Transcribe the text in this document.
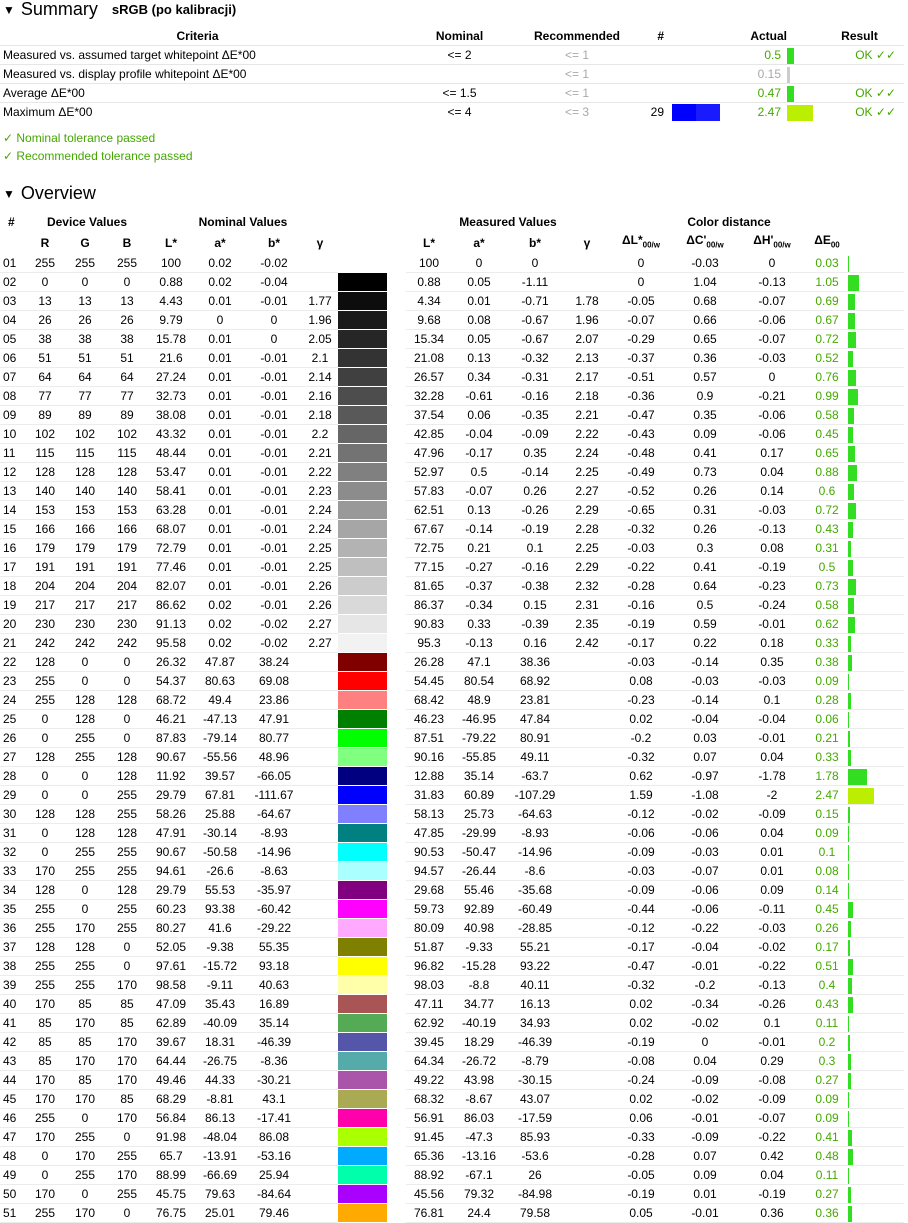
▼ Summary sRGB (po kalibracji)
Criteria	Nominal	Recommended	#		Actual		Result
Measured vs. assumed target whitepoint ΔE*00	<= 2	<= 1			0.5		OK ✓✓
Measured vs. display profile whitepoint ΔE*00		<= 1			0.15		
Average ΔE*00	<= 1.5	<= 1			0.47		OK ✓✓
Maximum ΔE*00	<= 4	<= 3	29		2.47		OK ✓✓
✓ Nominal tolerance passed
✓ Recommended tolerance passed
▼ Overview
#	Device Values			Nominal Values					Measured Values				Color distance				
	R	G	B	L*	a*	b*	γ		L*	a*	b*	γ	$\Delta L*_{00/w}$	$\Delta C'_{00/w}$	$\Delta H'_{00/w}$	$\Delta E_{00}$	
01	255	255	255	100	0.02	-0.02			100	0	0		0	-0.03	0	0.03	
02	0	0	0	0.88	0.02	-0.04			0.88	0.05	-1.11		0	1.04	-0.13	1.05	
03	13	13	13	4.43	0.01	-0.01	1.77		4.34	0.01	-0.71	1.78	-0.05	0.68	-0.07	0.69	
04	26	26	26	9.79	0	0	1.96		9.68	0.08	-0.67	1.96	-0.07	0.66	-0.06	0.67	
05	38	38	38	15.78	0.01	0	2.05		15.34	0.05	-0.67	2.07	-0.29	0.65	-0.07	0.72	
06	51	51	51	21.6	0.01	-0.01	2.1		21.08	0.13	-0.32	2.13	-0.37	0.36	-0.03	0.52	
07	64	64	64	27.24	0.01	-0.01	2.14		26.57	0.34	-0.31	2.17	-0.51	0.57	0	0.76	
08	77	77	77	32.73	0.01	-0.01	2.16		32.28	-0.61	-0.16	2.18	-0.36	0.9	-0.21	0.99	
09	89	89	89	38.08	0.01	-0.01	2.18		37.54	0.06	-0.35	2.21	-0.47	0.35	-0.06	0.58	
10	102	102	102	43.32	0.01	-0.01	2.2		42.85	-0.04	-0.09	2.22	-0.43	0.09	-0.06	0.45	
11	115	115	115	48.44	0.01	-0.01	2.21		47.96	-0.17	0.35	2.24	-0.48	0.41	0.17	0.65	
12	128	128	128	53.47	0.01	-0.01	2.22		52.97	0.5	-0.14	2.25	-0.49	0.73	0.04	0.88	
13	140	140	140	58.41	0.01	-0.01	2.23		57.83	-0.07	0.26	2.27	-0.52	0.26	0.14	0.6	
14	153	153	153	63.28	0.01	-0.01	2.24		62.51	0.13	-0.26	2.29	-0.65	0.31	-0.03	0.72	
15	166	166	166	68.07	0.01	-0.01	2.24		67.67	-0.14	-0.19	2.28	-0.32	0.26	-0.13	0.43	
16	179	179	179	72.79	0.01	-0.01	2.25		72.75	0.21	0.1	2.25	-0.03	0.3	0.08	0.31	
17	191	191	191	77.46	0.01	-0.01	2.25		77.15	-0.27	-0.16	2.29	-0.22	0.41	-0.19	0.5	
18	204	204	204	82.07	0.01	-0.01	2.26		81.65	-0.37	-0.38	2.32	-0.28	0.64	-0.23	0.73	
19	217	217	217	86.62	0.02	-0.01	2.26		86.37	-0.34	0.15	2.31	-0.16	0.5	-0.24	0.58	
20	230	230	230	91.13	0.02	-0.02	2.27		90.83	0.33	-0.39	2.35	-0.19	0.59	-0.01	0.62	
21	242	242	242	95.58	0.02	-0.02	2.27		95.3	-0.13	0.16	2.42	-0.17	0.22	0.18	0.33	
22	128	0	0	26.32	47.87	38.24			26.28	47.1	38.36		-0.03	-0.14	0.35	0.38	
23	255	0	0	54.37	80.63	69.08			54.45	80.54	68.92		0.08	-0.03	-0.03	0.09	
24	255	128	128	68.72	49.4	23.86			68.42	48.9	23.81		-0.23	-0.14	0.1	0.28	
25	0	128	0	46.21	-47.13	47.91			46.23	-46.95	47.84		0.02	-0.04	-0.04	0.06	
26	0	255	0	87.83	-79.14	80.77			87.51	-79.22	80.91		-0.2	0.03	-0.01	0.21	
27	128	255	128	90.67	-55.56	48.96			90.16	-55.85	49.11		-0.32	0.07	0.04	0.33	
28	0	0	128	11.92	39.57	-66.05			12.88	35.14	-63.7		0.62	-0.97	-1.78	1.78	
29	0	0	255	29.79	67.81	-111.67			31.83	60.89	-107.29		1.59	-1.08	-2	2.47	
30	128	128	255	58.26	25.88	-64.67			58.13	25.73	-64.63		-0.12	-0.02	-0.09	0.15	
31	0	128	128	47.91	-30.14	-8.93			47.85	-29.99	-8.93		-0.06	-0.06	0.04	0.09	
32	0	255	255	90.67	-50.58	-14.96			90.53	-50.47	-14.96		-0.09	-0.03	0.01	0.1	
33	170	255	255	94.61	-26.6	-8.63			94.57	-26.44	-8.6		-0.03	-0.07	0.01	0.08	
34	128	0	128	29.79	55.53	-35.97			29.68	55.46	-35.68		-0.09	-0.06	0.09	0.14	
35	255	0	255	60.23	93.38	-60.42			59.73	92.89	-60.49		-0.44	-0.06	-0.11	0.45	
36	255	170	255	80.27	41.6	-29.22			80.09	40.98	-28.85		-0.12	-0.22	-0.03	0.26	
37	128	128	0	52.05	-9.38	55.35			51.87	-9.33	55.21		-0.17	-0.04	-0.02	0.17	
38	255	255	0	97.61	-15.72	93.18			96.82	-15.28	93.22		-0.47	-0.01	-0.22	0.51	
39	255	255	170	98.58	-9.11	40.63			98.03	-8.8	40.11		-0.32	-0.2	-0.13	0.4	
40	170	85	85	47.09	35.43	16.89			47.11	34.77	16.13		0.02	-0.34	-0.26	0.43	
41	85	170	85	62.89	-40.09	35.14			62.92	-40.19	34.93		0.02	-0.02	0.1	0.11	
42	85	85	170	39.67	18.31	-46.39			39.45	18.29	-46.39		-0.19	0	-0.01	0.2	
43	85	170	170	64.44	-26.75	-8.36			64.34	-26.72	-8.79		-0.08	0.04	0.29	0.3	
44	170	85	170	49.46	44.33	-30.21			49.22	43.98	-30.15		-0.24	-0.09	-0.08	0.27	
45	170	170	85	68.29	-8.81	43.1			68.32	-8.67	43.07		0.02	-0.02	-0.09	0.09	
46	255	0	170	56.84	86.13	-17.41			56.91	86.03	-17.59		0.06	-0.01	-0.07	0.09	
47	170	255	0	91.98	-48.04	86.08			91.45	-47.3	85.93		-0.33	-0.09	-0.22	0.41	
48	0	170	255	65.7	-13.91	-53.16			65.36	-13.16	-53.6		-0.28	0.07	0.42	0.48	
49	0	255	170	88.99	-66.69	25.94			88.92	-67.1	26		-0.05	0.09	0.04	0.11	
50	170	0	255	45.75	79.63	-84.64			45.56	79.32	-84.98		-0.19	0.01	-0.19	0.27	
51	255	170	0	76.75	25.01	79.46			76.81	24.4	79.58		0.05	-0.01	0.36	0.36	
